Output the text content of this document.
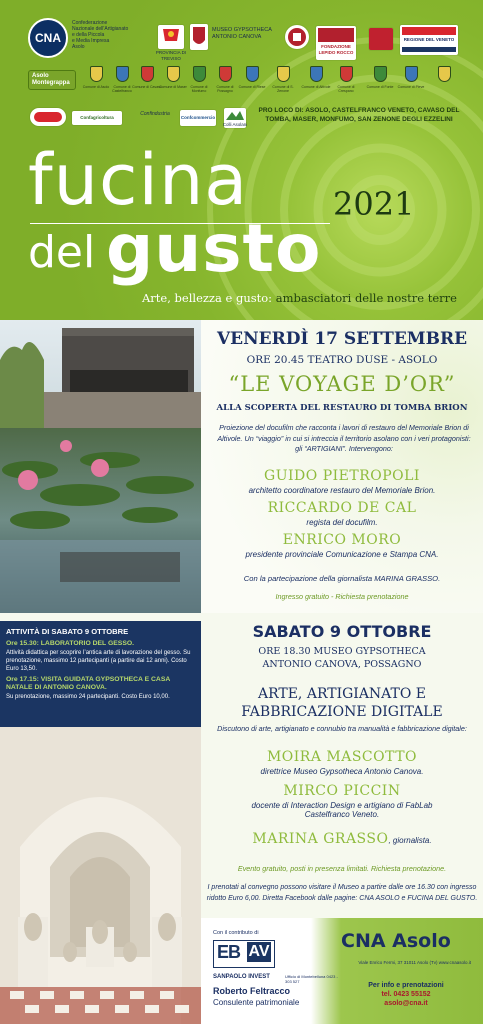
CNA
Confederazione
Nazionale dell'Artigianato
e della Piccola
e Media Impresa
Asolo
PROVINCIA DI TREVISO
MUSEO GYPSOTHECA ANTONIO CANOVA
FONDAZIONE LEPIDO ROCCO
REGIONE DEL VENETO
Asolo Montegrappa
Comune di Asolo	Comune di Castelfranco
Comune di Cavaso
Comune di Maser	Comune di Monfumo
Comune di Possagno
Comune di Riese	Comune di S. Zenone
Comune di Altivole	Comune di Crespano
Comune di Fonte	Comune di Pieve
Confagricoltura
Confindustria
Confcommercio
Colli Asolani
PRO LOCO DI: ASOLO, CASTELFRANCO VENETO, CAVASO DEL TOMBA, MASER, MONFUMO, SAN ZENONE DEGLI EZZELINI
fucina	2021
del gusto
Arte, bellezza e gusto: ambasciatori delle nostre terre
VENERDÌ 17 SETTEMBRE
ORE 20.45 TEATRO DUSE - ASOLO
“LE VOYAGE D’OR”
ALLA SCOPERTA DEL RESTAURO DI TOMBA BRION
Proiezione del docufilm che racconta i lavori di restauro del Memoriale Brion di Altivole. Un “viaggio” in cui si intreccia il territorio asolano con i veri protagonisti: gli “ARTIGIANI”. Intervengono:
GUIDO PIETROPOLI
architetto coordinatore restauro del Memoriale Brion.
RICCARDO DE CAL
regista del docufilm.
ENRICO MORO
presidente provinciale Comunicazione e Stampa CNA.
Con la partecipazione della giornalista MARINA GRASSO.
Ingresso gratuito - Richiesta prenotazione
ATTIVITÀ DI SABATO 9 OTTOBRE
Ore 15.30: LABORATORIO DEL GESSO.
Attività didattica per scoprire l’antica arte di lavorazione del gesso. Su prenotazione, massimo 12 partecipanti (a partire dai 12 anni). Costo Euro 13,50.
Ore 17.15: VISITA GUIDATA GYPSOTHECA E CASA NATALE DI ANTONIO CANOVA.
Su prenotazione, massimo 24 partecipanti. Costo Euro 10,00.
SABATO 9 OTTOBRE
ORE 18.30 MUSEO GYPSOTHECA
ANTONIO CANOVA, POSSAGNO
ARTE, ARTIGIANATO E
FABBRICAZIONE DIGITALE
Discutono di arte, artigianato e connubio tra manualità e fabbricazione digitale:
MOIRA MASCOTTO
direttrice Museo Gypsotheca Antonio Canova.
MIRCO PICCIN
docente di Interaction Design e artigiano di FabLab Castelfranco Veneto.
MARINA GRASSO, giornalista.
Evento gratuito, posti in presenza limitati. Richiesta prenotazione.
I prenotati al convegno possono visitare il Museo a partire dalle ore 16.30 con ingresso ridotto Euro 6,00. Diretta Facebook dalle pagine: CNA ASOLO e FUCINA DEL GUSTO.
Con il contributo di
EB AV
SANPAOLO INVEST
Roberto Feltracco
Consulente patrimoniale
Ufficio di Montebelluna 0423 - 303 527
CNA Asolo
Viale Enrico Fermi, 37 31011 Asolo (Tv) www.cnaasolo.it
Per info e prenotazioni
tel. 0423 55152
asolo@cna.it
